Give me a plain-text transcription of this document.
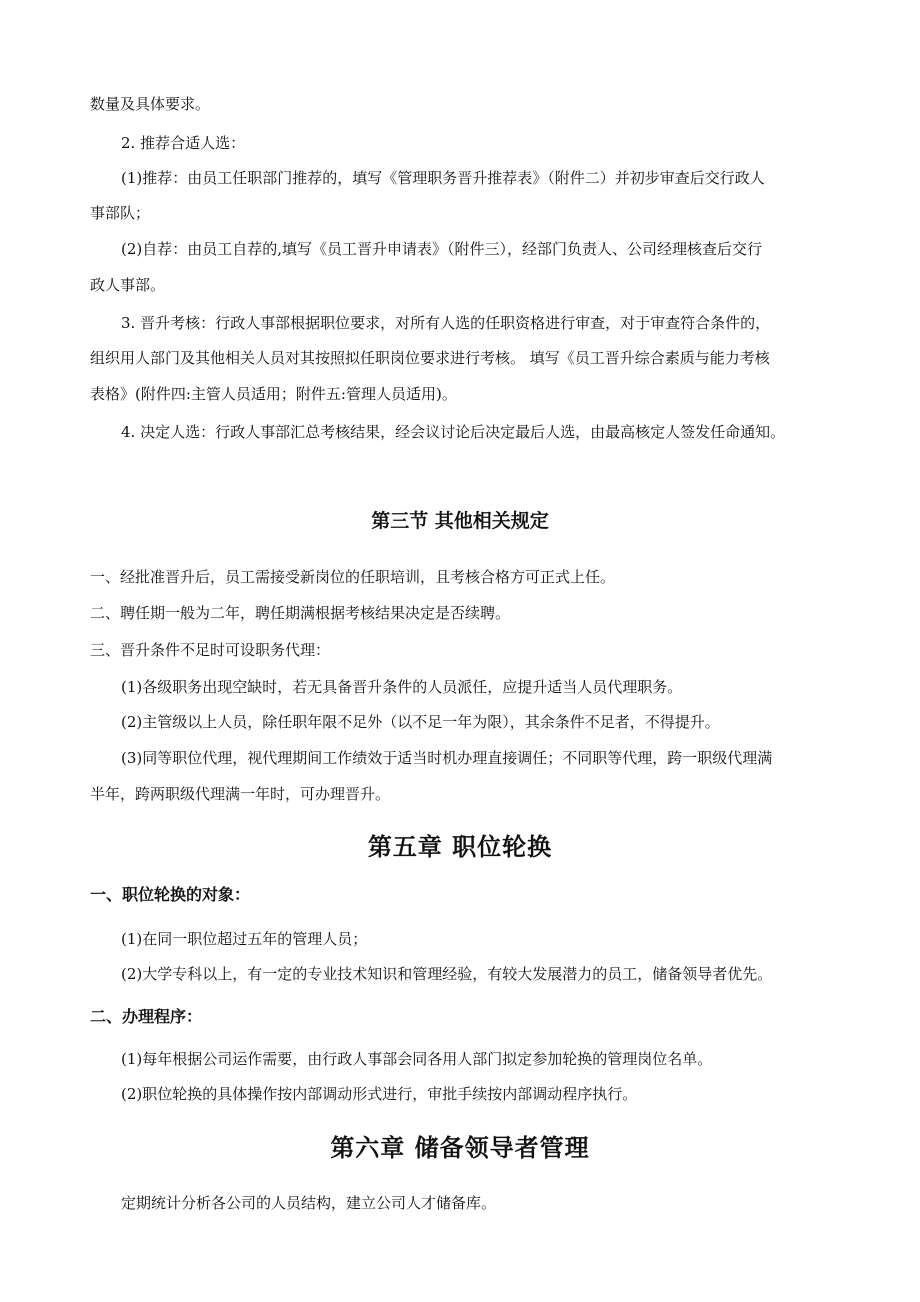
数量及具体要求。
2. 推荐合适人选：
(1)推荐：由员工任职部门推荐的，填写《管理职务晋升推荐表》（附件二）并初步审查后交行政人
事部队；
(2)自荐：由员工自荐的,填写《员工晋升申请表》（附件三），经部门负责人、公司经理核查后交行
政人事部。
3. 晋升考核：行政人事部根据职位要求，对所有人选的任职资格进行审查，对于审查符合条件的，
组织用人部门及其他相关人员对其按照拟任职岗位要求进行考核。 填写《员工晋升综合素质与能力考核
表格》(附件四:主管人员适用；附件五:管理人员适用)。
4. 决定人选：行政人事部汇总考核结果，经会议讨论后决定最后人选，由最高核定人签发任命通知。
第三节 其他相关规定
一、经批准晋升后，员工需接受新岗位的任职培训，且考核合格方可正式上任。
二、聘任期一般为二年，聘任期满根据考核结果决定是否续聘。
三、晋升条件不足时可设职务代理：
(1)各级职务出现空缺时，若无具备晋升条件的人员派任，应提升适当人员代理职务。
(2)主管级以上人员，除任职年限不足外（以不足一年为限），其余条件不足者，不得提升。
(3)同等职位代理，视代理期间工作绩效于适当时机办理直接调任；不同职等代理，跨一职级代理满
半年，跨两职级代理满一年时，可办理晋升。
第五章 职位轮换
一、职位轮换的对象：
(1)在同一职位超过五年的管理人员；
(2)大学专科以上，有一定的专业技术知识和管理经验，有较大发展潜力的员工，储备领导者优先。
二、办理程序：
(1)每年根据公司运作需要，由行政人事部会同各用人部门拟定参加轮换的管理岗位名单。
(2)职位轮换的具体操作按内部调动形式进行，审批手续按内部调动程序执行。
第六章 储备领导者管理
定期统计分析各公司的人员结构，建立公司人才储备库。
